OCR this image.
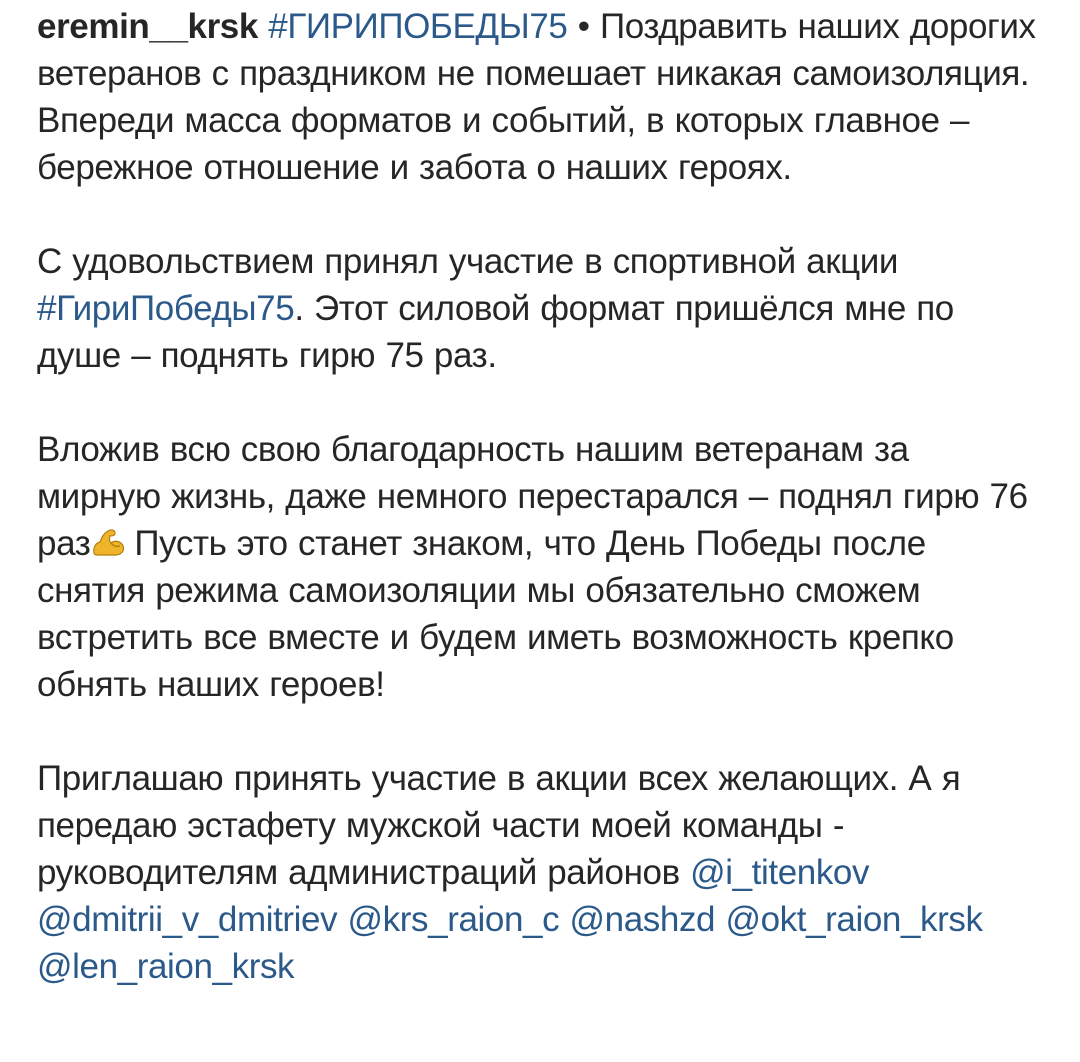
eremin__krsk #ГИРИПОБЕДЫ75 • Поздравить наших дорогих ветеранов с праздником не помешает никакая самоизоляция. Впереди масса форматов и событий, в которых главное – бережное отношение и забота о наших героях.

С удовольствием принял участие в спортивной акции #ГириПобеды75. Этот силовой формат пришёлся мне по душе – поднять гирю 75 раз.

Вложив всю свою благодарность нашим ветеранам за мирную жизнь, даже немного перестарался – поднял гирю 76 раз Пусть это станет знаком, что День Победы после снятия режима самоизоляции мы обязательно сможем встретить все вместе и будем иметь возможность крепко обнять наших героев!

Приглашаю принять участие в акции всех желающих. А я передаю эстафету мужской части моей команды - руководителям администраций районов @i_titenkov @dmitrii_v_dmitriev @krs_raion_c @nashzd @okt_raion_krsk @len_raion_krsk
